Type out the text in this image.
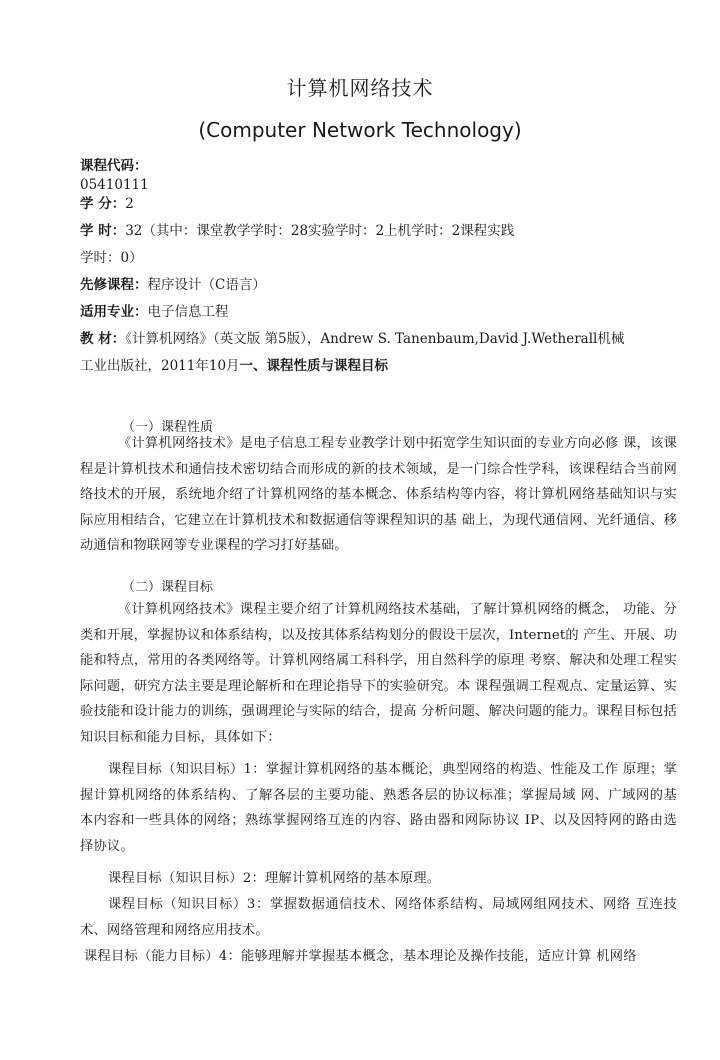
计算机网络技术
(Computer Network Technology)
课程代码：
05410111
学 分：2
学 时：32（其中：课堂教学学时：28实验学时：2上机学时：2课程实践
学时：0）
先修课程：程序设计（C语言）
适用专业：电子信息工程
教 材：《计算机网络》（英文版 第5版），Andrew S. Tanenbaum,David J.Wetherall机械
工业出版社，2011年10月一、课程性质与课程目标
（一）课程性质
《计算机网络技术》是电子信息工程专业教学计划中拓宽学生知识面的专业方向必修 课，该课程是计算机技术和通信技术密切结合而形成的新的技术领域，是一门综合性学科，该课程结合当前网络技术的开展，系统地介绍了计算机网络的基本概念、体系结构等内容，将计算机网络基础知识与实际应用相结合，它建立在计算机技术和数据通信等课程知识的基 础上，为现代通信网、光纤通信、移动通信和物联网等专业课程的学习打好基础。
（二）课程目标
《计算机网络技术》课程主要介绍了计算机网络技术基础，了解计算机网络的概念， 功能、分类和开展，掌握协议和体系结构，以及按其体系结构划分的假设干层次，Internet的 产生、开展、功能和特点，常用的各类网络等。计算机网络属工科科学，用自然科学的原理 考察、解决和处理工程实际问题，研究方法主要是理论解析和在理论指导下的实验研究。本 课程强调工程观点、定量运算、实验技能和设计能力的训练，强调理论与实际的结合，提高 分析问题、解决问题的能力。课程目标包括知识目标和能力目标，具体如下：
课程目标（知识目标）1：掌握计算机网络的基本概论，典型网络的构造、性能及工作 原理；掌握计算机网络的体系结构、了解各层的主要功能、熟悉各层的协议标准；掌握局域 网、广域网的基本内容和一些具体的网络；熟练掌握网络互连的内容、路由器和网际协议 IP、以及因特网的路由选择协议。
课程目标（知识目标）2：理解计算机网络的基本原理。
课程目标（知识目标）3：掌握数据通信技术、网络体系结构、局域网组网技术、网络 互连技术、网络管理和网络应用技术。
课程目标（能力目标）4：能够理解并掌握基本概念，基本理论及操作技能，适应计算 机网络
